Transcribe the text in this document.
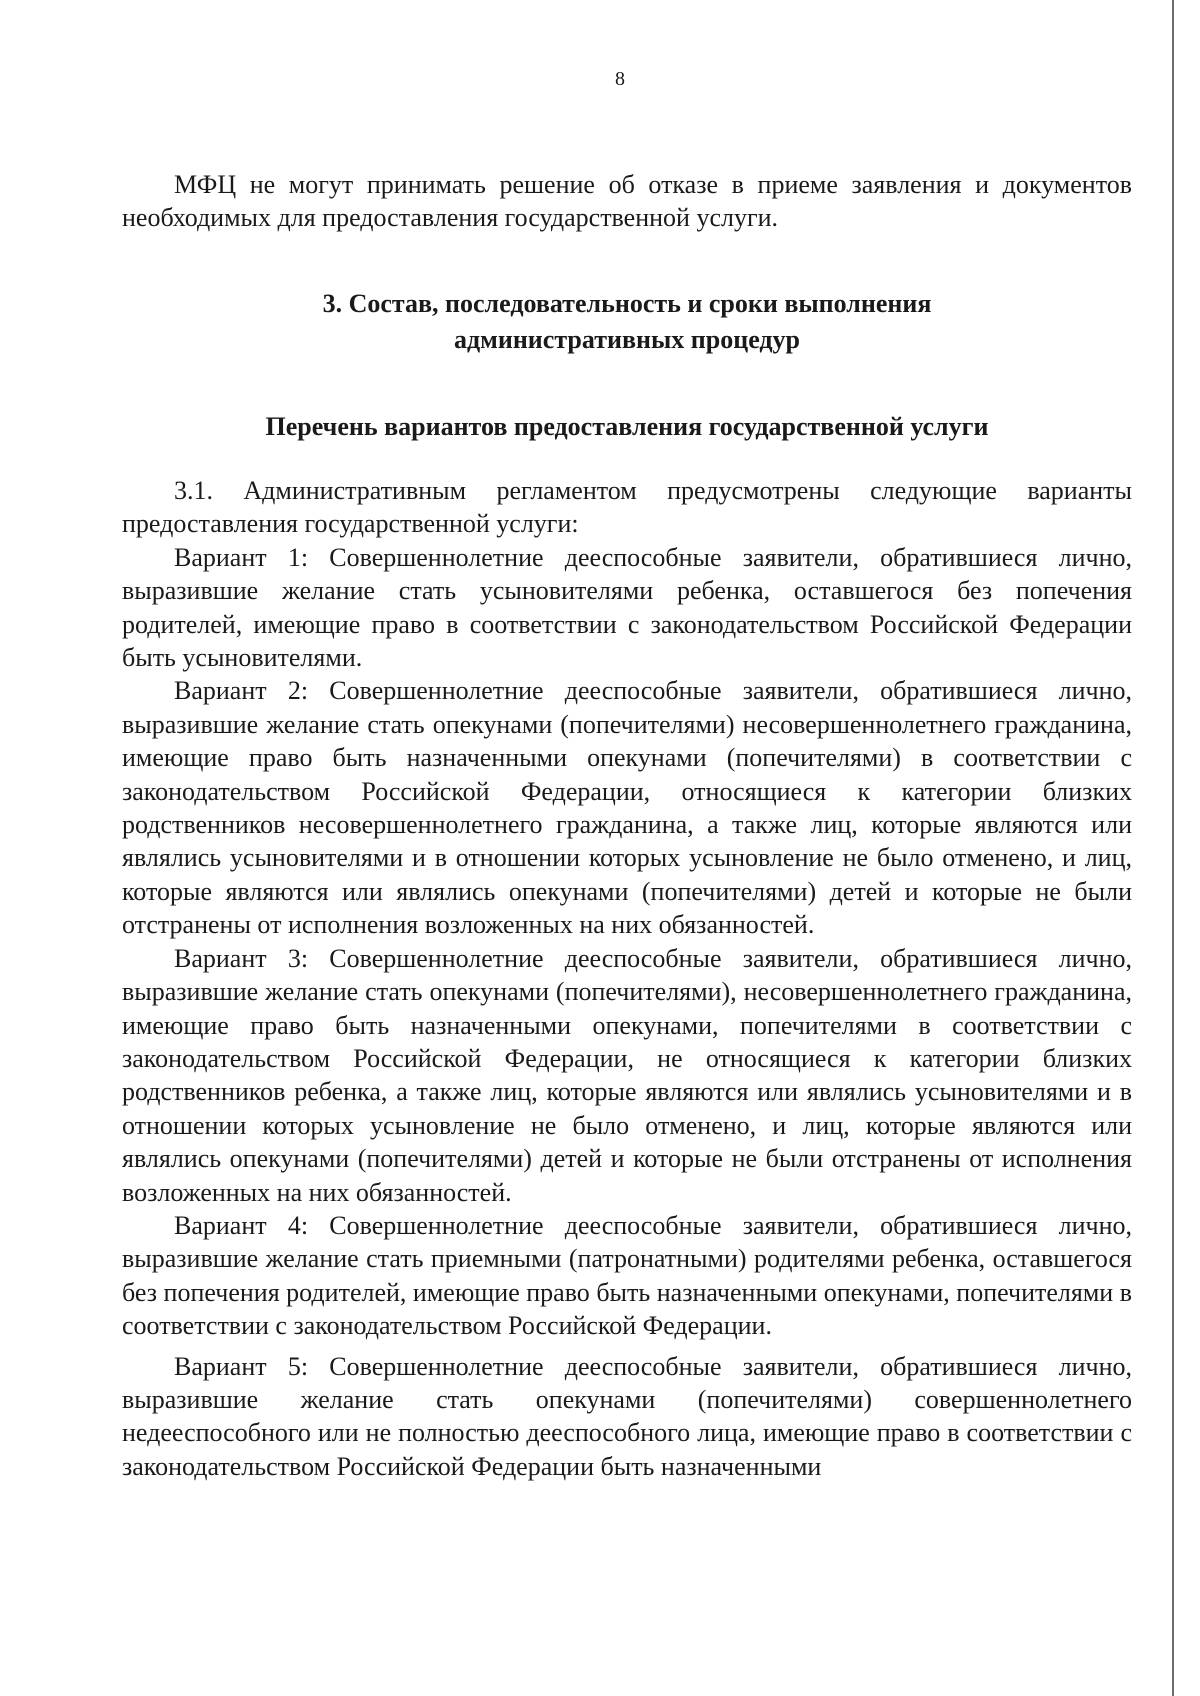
8

МФЦ не могут принимать решение об отказе в приеме заявления и документов необходимых для предоставления государственной услуги.

3. Состав, последовательность и сроки выполнения
административных процедур
Перечень вариантов предоставления государственной услуги

3.1. Административным регламентом предусмотрены следующие варианты предоставления государственной услуги:

Вариант 1: Совершеннолетние дееспособные заявители, обратившиеся лично, выразившие желание стать усыновителями ребенка, оставшегося без попечения родителей, имеющие право в соответствии с законодательством Российской Федерации быть усыновителями.

Вариант 2: Совершеннолетние дееспособные заявители, обратившиеся лично, выразившие желание стать опекунами (попечителями) несовершеннолетнего гражданина, имеющие право быть назначенными опекунами (попечителями) в соответствии с законодательством Российской Федерации, относящиеся к категории близких родственников несовершеннолетнего гражданина, а также лиц, которые являются или являлись усыновителями и в отношении которых усыновление не было отменено, и лиц, которые являются или являлись опекунами (попечителями) детей и которые не были отстранены от исполнения возложенных на них обязанностей.

Вариант 3: Совершеннолетние дееспособные заявители, обратившиеся лично, выразившие желание стать опекунами (попечителями), несовершеннолетнего гражданина, имеющие право быть назначенными опекунами, попечителями в соответствии с законодательством Российской Федерации, не относящиеся к категории близких родственников ребенка, а также лиц, которые являются или являлись усыновителями и в отношении которых усыновление не было отменено, и лиц, которые являются или являлись опекунами (попечителями) детей и которые не были отстранены от исполнения возложенных на них обязанностей.

Вариант 4: Совершеннолетние дееспособные заявители, обратившиеся лично, выразившие желание стать приемными (патронатными) родителями ребенка, оставшегося без попечения родителей, имеющие право быть назначенными опекунами, попечителями в соответствии с законодательством Российской Федерации.

Вариант 5: Совершеннолетние дееспособные заявители, обратившиеся лично, выразившие желание стать опекунами (попечителями) совершеннолетнего недееспособного или не полностью дееспособного лица, имеющие право в соответствии с законодательством Российской Федерации быть назначенными
